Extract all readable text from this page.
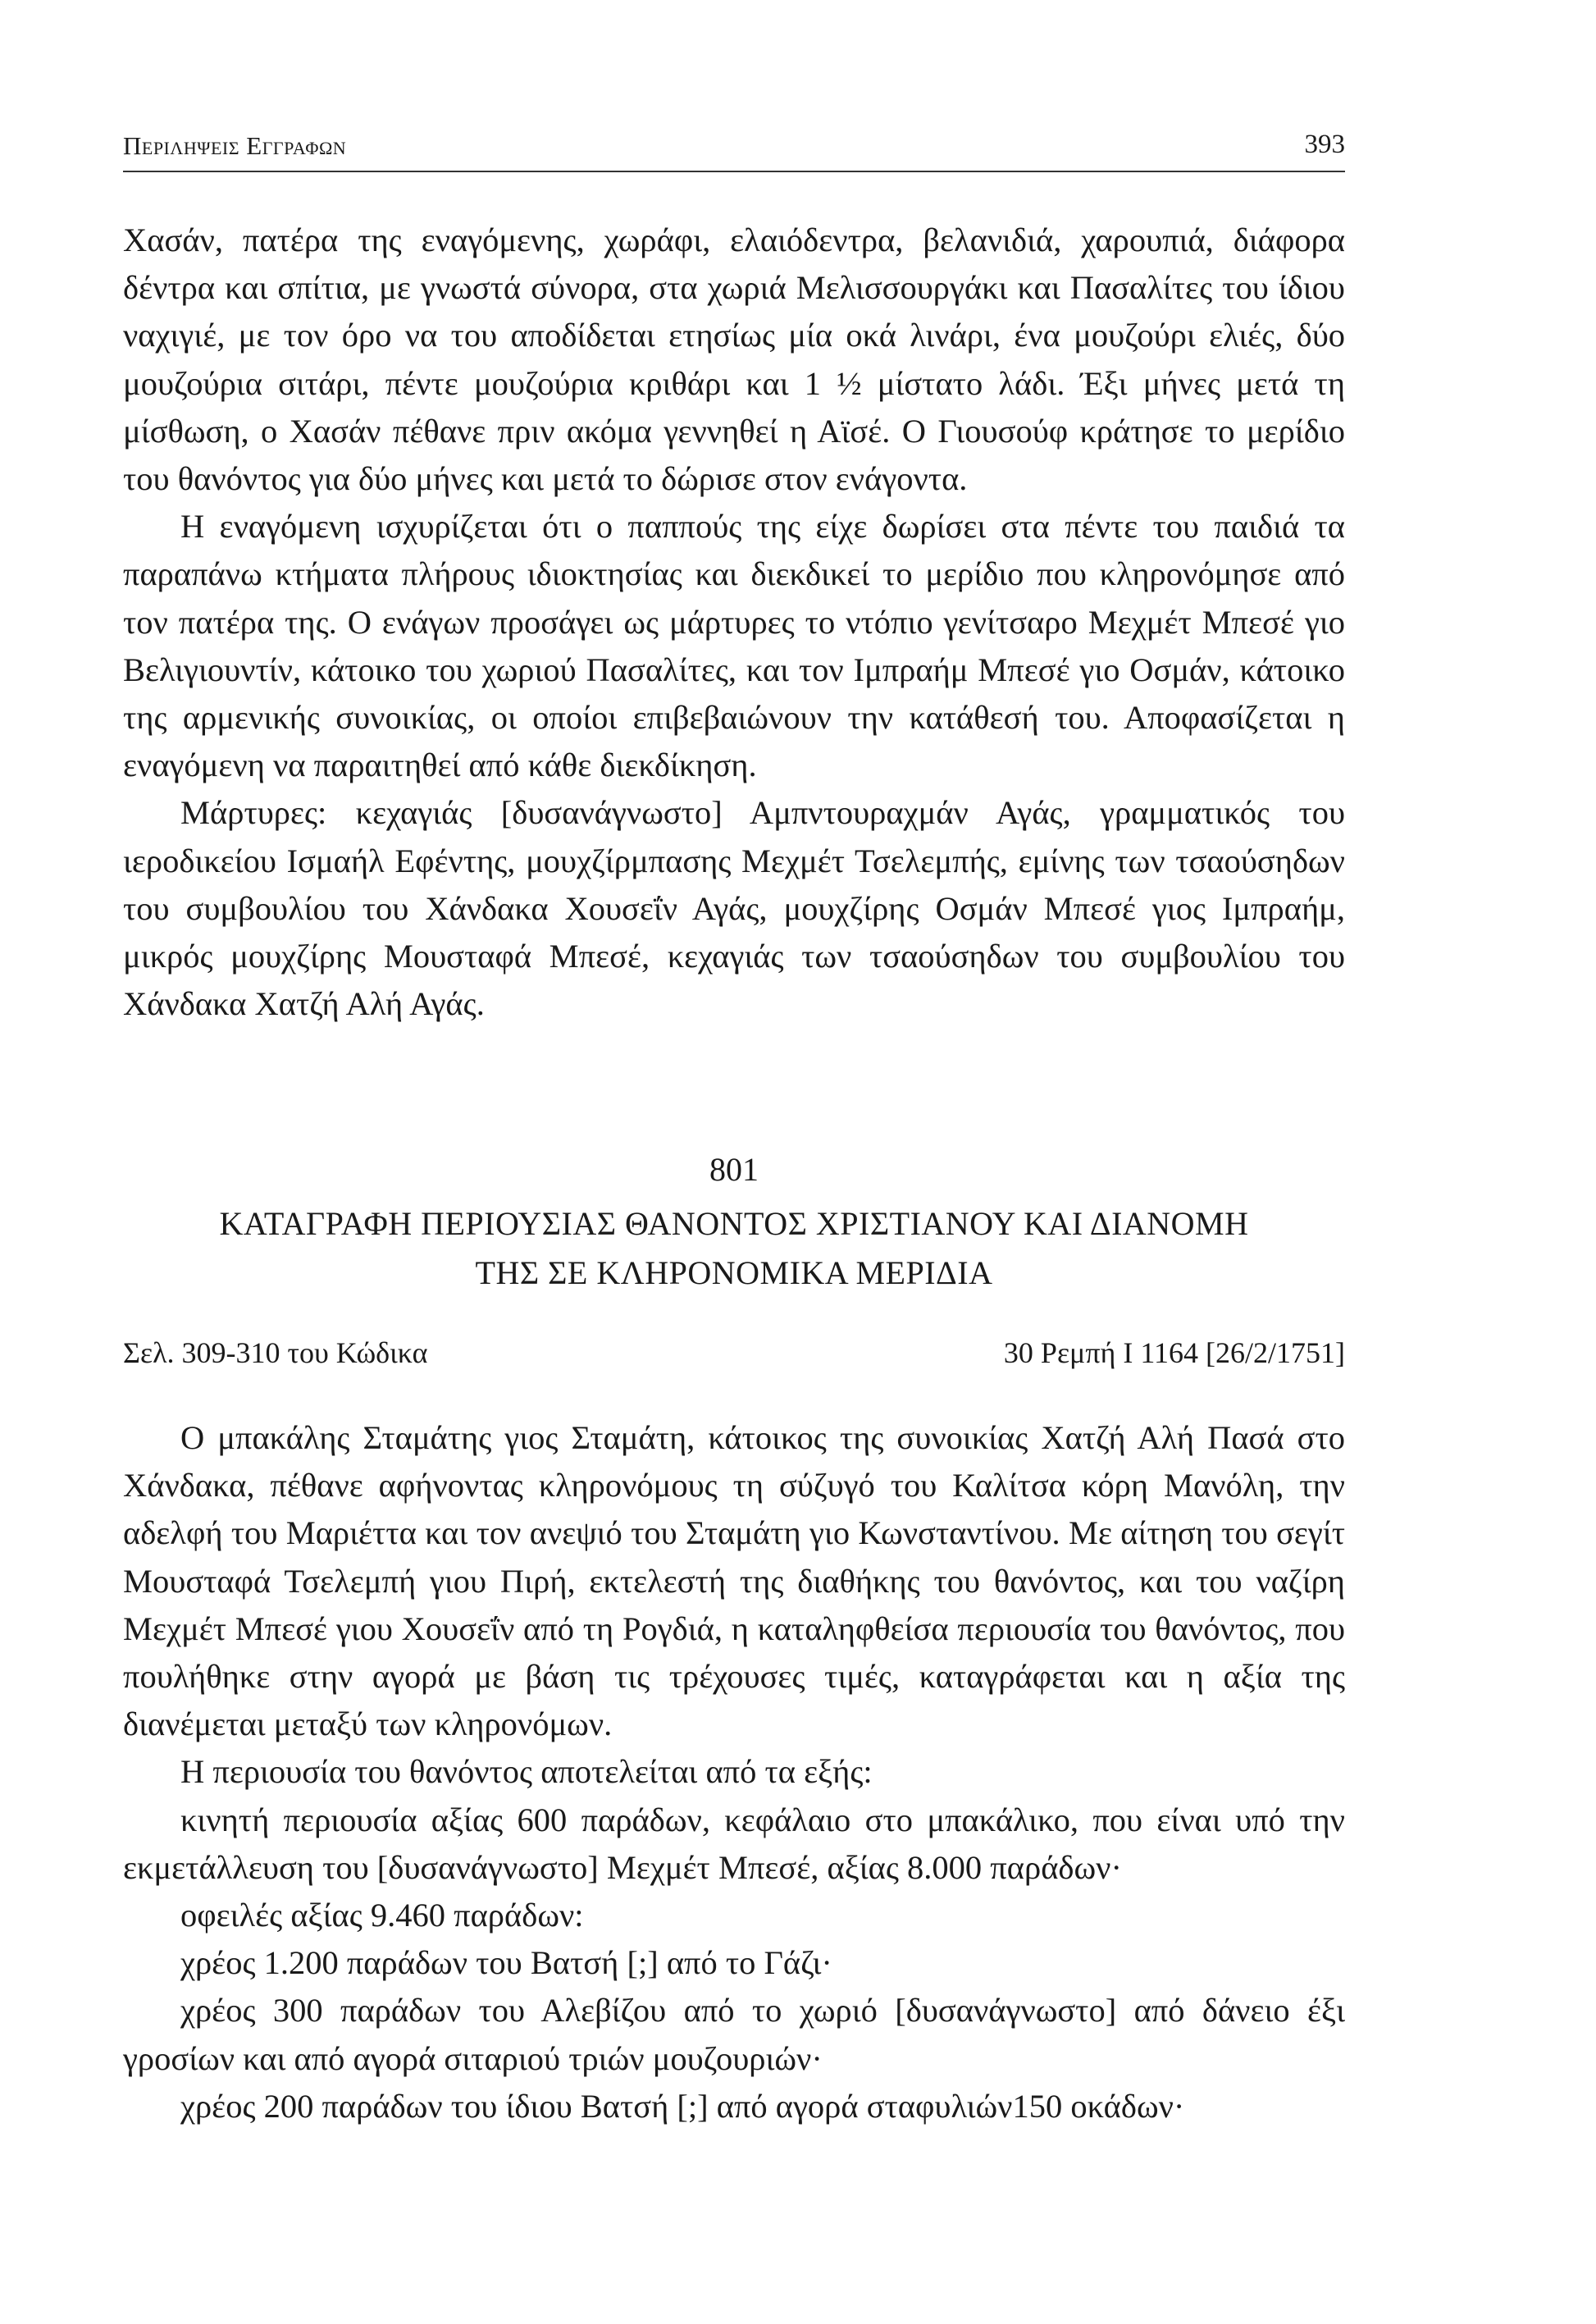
Περιληψεις Εγγραφων	393

Χασάν, πατέρα της εναγόμενης, χωράφι, ελαιόδεντρα, βελανιδιά, χαρουπιά, διάφορα δέντρα και σπίτια, με γνωστά σύνορα, στα χωριά Μελισσουργάκι και Πασαλίτες του ίδιου ναχιγιέ, με τον όρο να του αποδίδεται ετησίως μία οκά λινάρι, ένα μουζούρι ελιές, δύο μουζούρια σιτάρι, πέντε μουζούρια κριθάρι και 1 ½ μίστατο λάδι. Έξι μήνες μετά τη μίσθωση, ο Χασάν πέθανε πριν ακόμα γεννηθεί η Αϊσέ. Ο Γιουσούφ κράτησε το μερίδιο του θανόντος για δύο μήνες και μετά το δώρισε στον ενάγοντα.

Η εναγόμενη ισχυρίζεται ότι ο παππούς της είχε δωρίσει στα πέντε του παιδιά τα παραπάνω κτήματα πλήρους ιδιοκτησίας και διεκδικεί το μερίδιο που κληρονόμησε από τον πατέρα της. Ο ενάγων προσάγει ως μάρτυρες το ντόπιο γενίτσαρο Μεχμέτ Μπεσέ γιο Βελιγιουντίν, κάτοικο του χωριού Πασαλίτες, και τον Ιμπραήμ Μπεσέ γιο Οσμάν, κάτοικο της αρμενικής συνοικίας, οι οποίοι επιβεβαιώνουν την κατάθεσή του. Αποφασίζεται η εναγόμενη να παραιτηθεί από κάθε διεκδίκηση.

Μάρτυρες: κεχαγιάς [δυσανάγνωστο] Αμπντουραχμάν Αγάς, γραμματικός του ιεροδικείου Ισμαήλ Εφέντης, μουχζίρμπασης Μεχμέτ Τσελεμπής, εμίνης των τσαούσηδων του συμβουλίου του Χάνδακα Χουσεΐν Αγάς, μουχζίρης Οσμάν Μπεσέ γιος Ιμπραήμ, μικρός μουχζίρης Μουσταφά Μπεσέ, κεχαγιάς των τσαούσηδων του συμβουλίου του Χάνδακα Χατζή Αλή Αγάς.

801
ΚΑΤΑΓΡΑΦΗ ΠΕΡΙΟΥΣΙΑΣ ΘΑΝΟΝΤΟΣ ΧΡΙΣΤΙΑΝΟΥ ΚΑΙ ΔΙΑΝΟΜΗ
ΤΗΣ ΣΕ ΚΛΗΡΟΝΟΜΙΚΑ ΜΕΡΙΔΙΑ
Σελ. 309-310 του Κώδικα	30 Ρεμπή Ι 1164 [26/2/1751]

Ο μπακάλης Σταμάτης γιος Σταμάτη, κάτοικος της συνοικίας Χατζή Αλή Πασά στο Χάνδακα, πέθανε αφήνοντας κληρονόμους τη σύζυγό του Καλίτσα κόρη Μανόλη, την αδελφή του Μαριέττα και τον ανεψιό του Σταμάτη γιο Κωνσταντίνου. Με αίτηση του σεγίτ Μουσταφά Τσελεμπή γιου Πιρή, εκτελεστή της διαθήκης του θανόντος, και του ναζίρη Μεχμέτ Μπεσέ γιου Χουσεΐν από τη Ρογδιά, η καταληφθείσα περιουσία του θανόντος, που πουλήθηκε στην αγορά με βάση τις τρέχουσες τιμές, καταγράφεται και η αξία της διανέμεται μεταξύ των κληρονόμων.

Η περιουσία του θανόντος αποτελείται από τα εξής:

κινητή περιουσία αξίας 600 παράδων, κεφάλαιο στο μπακάλικο, που είναι υπό την εκμετάλλευση του [δυσανάγνωστο] Μεχμέτ Μπεσέ, αξίας 8.000 παράδων·

οφειλές αξίας 9.460 παράδων:

χρέος 1.200 παράδων του Βατσή [;] από το Γάζι·

χρέος 300 παράδων του Αλεβίζου από το χωριό [δυσανάγνωστο] από δάνειο έξι γροσίων και από αγορά σιταριού τριών μουζουριών·

χρέος 200 παράδων του ίδιου Βατσή [;] από αγορά σταφυλιών150 οκάδων·
